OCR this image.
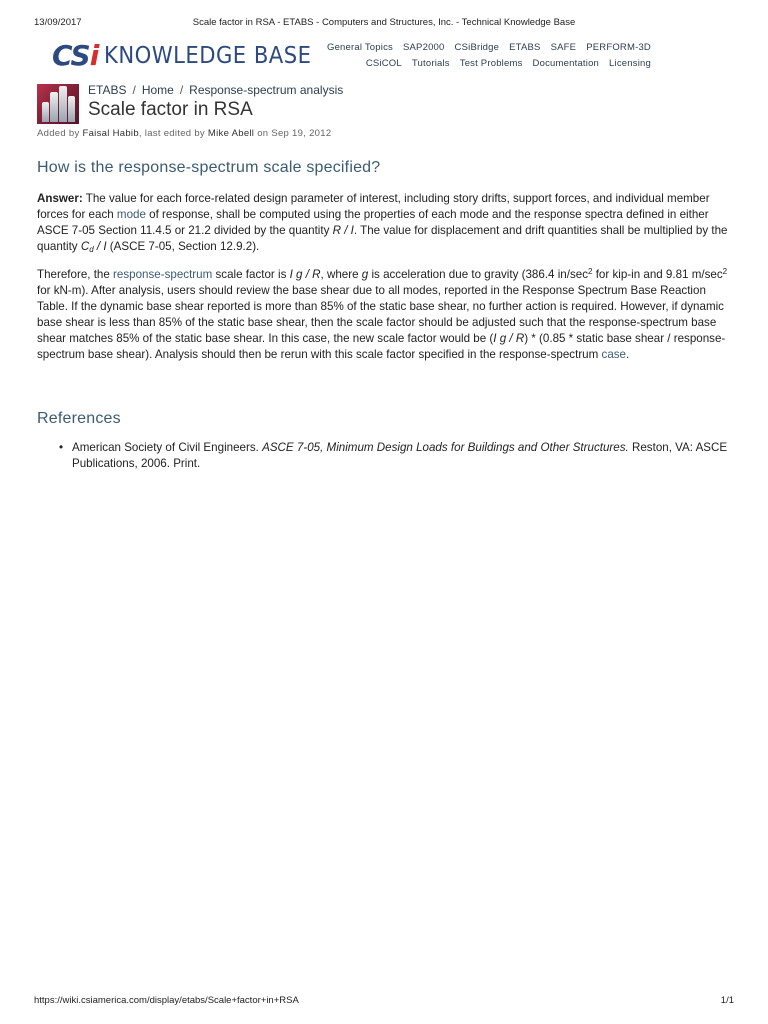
13/09/2017	Scale factor in RSA - ETABS - Computers and Structures, Inc. - Technical Knowledge Base
CSi KNOWLEDGE BASE	General Topics SAP2000 CSiBridge ETABS SAFE PERFORM-3D
CSiCOL Tutorials Test Problems Documentation Licensing
ETABS / Home / Response-spectrum analysis
Scale factor in RSA
Added by Faisal Habib, last edited by Mike Abell on Sep 19, 2012
How is the response-spectrum scale specified?

Answer: The value for each force-related design parameter of interest, including story drifts, support forces, and individual member forces for each mode of response, shall be computed using the properties of each mode and the response spectra defined in either ASCE 7-05 Section 11.4.5 or 21.2 divided by the quantity R / I. The value for displacement and drift quantities shall be multiplied by the quantity $C_d$ / I (ASCE 7-05, Section 12.9.2).

Therefore, the response-spectrum scale factor is I g / R, where g is acceleration due to gravity (386.4 $in/\sec^2$ for kip-in and 9.81 $m/\sec^2$ for kN-m). After analysis, users should review the base shear due to all modes, reported in the Response Spectrum Base Reaction Table. If the dynamic base shear reported is more than 85% of the static base shear, no further action is required. However, if dynamic base shear is less than 85% of the static base shear, then the scale factor should be adjusted such that the response-spectrum base shear matches 85% of the static base shear. In this case, the new scale factor would be (I g / R) * (0.85 * static base shear / response-spectrum base shear). Analysis should then be rerun with this scale factor specified in the response-spectrum case.

References
• American Society of Civil Engineers. ASCE 7-05, Minimum Design Loads for Buildings and Other Structures. Reston, VA: ASCE Publications, 2006. Print.
https://wiki.csiamerica.com/display/etabs/Scale+factor+in+RSA	1/1
